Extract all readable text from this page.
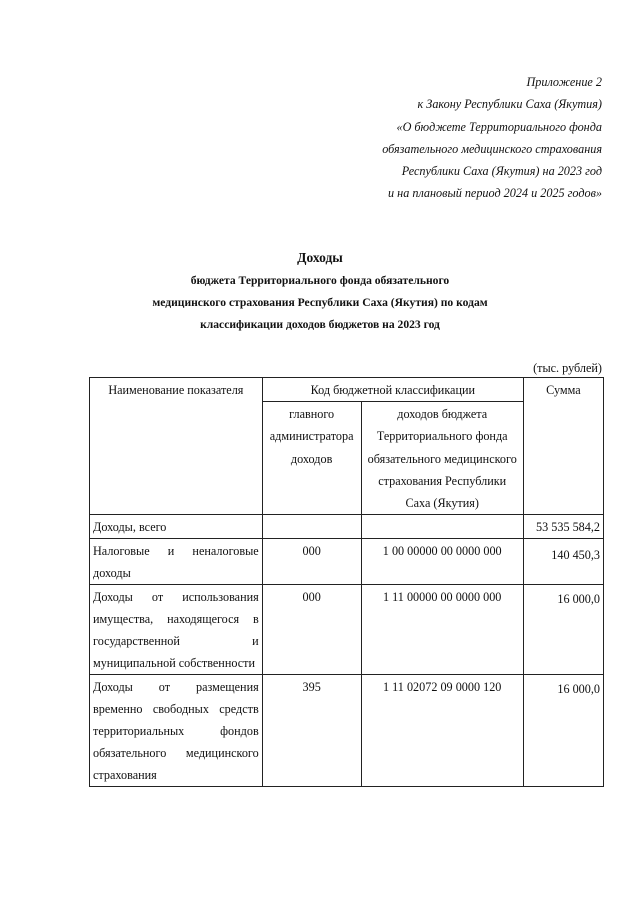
Приложение 2
к Закону Республики Саха (Якутия)
«О бюджете Территориального фонда
обязательного медицинского страхования
Республики Саха (Якутия) на 2023 год
и на плановый период 2024 и 2025 годов»
Доходы
бюджета Территориального фонда обязательного
медицинского страхования Республики Саха (Якутия) по кодам
классификации доходов бюджетов на 2023 год
(тыс. рублей)
Наименование показателя	Код бюджетной классификации		Сумма
	главного администратора доходов	доходов бюджета Территориального фонда обязательного медицинского страхования Республики Саха (Якутия)	
Доходы, всего			53 535 584,2
Налоговые и неналоговые доходы	000	1 00 00000 00 0000 000	140 450,3
Доходы от использования имущества, находящегося в государственной и муниципальной собственности	000	1 11 00000 00 0000 000	16 000,0
Доходы от размещения временно свободных средств территориальных фондов обязательного медицинского страхования	395	1 11 02072 09 0000 120	16 000,0
